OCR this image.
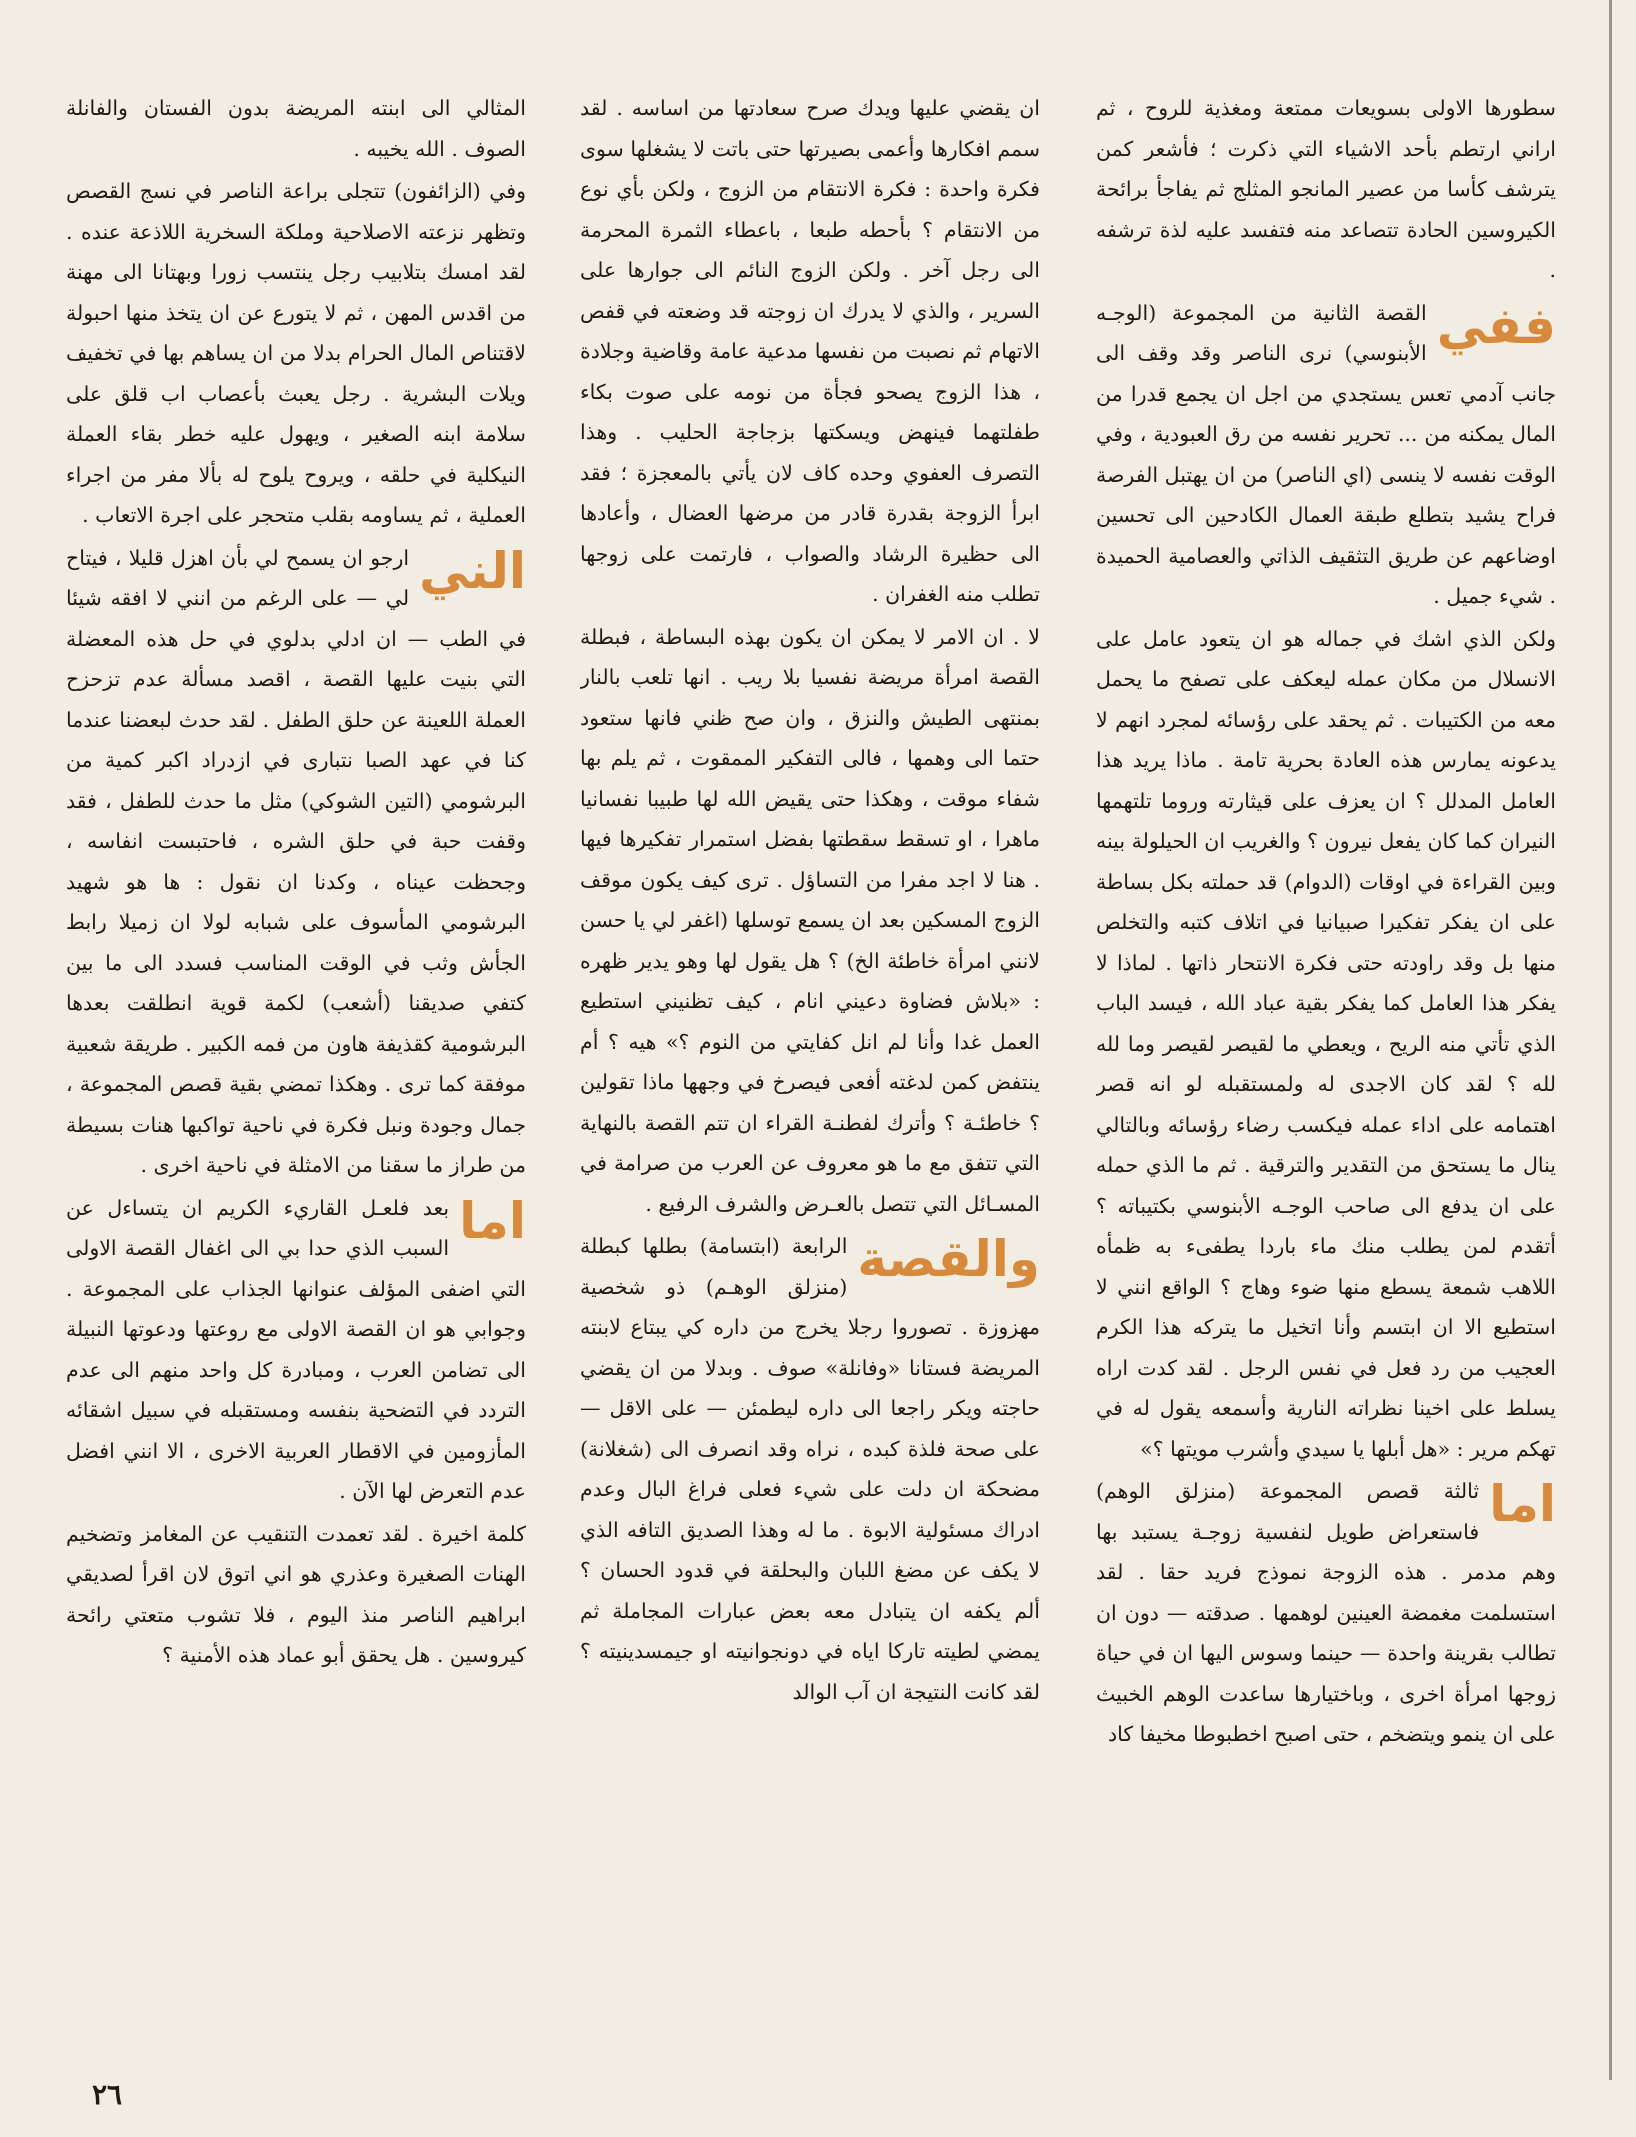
سطورها الاولى بسويعات ممتعة ومغذية للروح ، ثم اراني ارتطم بأحد الاشياء التي ذكرت ؛ فأشعر كمن يترشف كأسا من عصير المانجو المثلج ثم يفاجأ برائحة الكيروسين الحادة تتصاعد منه فتفسد عليه لذة ترشفه .

ففي
القصة الثانية من المجموعة (الوجـه الأبنوسي) نرى الناصر وقد وقف الى جانب آدمي تعس يستجدي من اجل ان يجمع قدرا من المال يمكنه من ... تحرير نفسه من رق العبودية ، وفي الوقت نفسه لا ينسى (اي الناصر) من ان يهتبل الفرصة فراح يشيد بتطلع طبقة العمال الكادحين الى تحسين اوضاعهم عن طريق التثقيف الذاتي والعصامية الحميدة . شيء جميل .

ولكن الذي اشك في جماله هو ان يتعود عامل على الانسلال من مكان عمله ليعكف على تصفح ما يحمل معه من الكتيبات . ثم يحقد على رؤسائه لمجرد انهم لا يدعونه يمارس هذه العادة بحرية تامة . ماذا يريد هذا العامل المدلل ؟ ان يعزف على قيثارته وروما تلتهمها النيران كما كان يفعل نيرون ؟ والغريب ان الحيلولة بينه وبين القراءة في اوقات (الدوام) قد حملته بكل بساطة على ان يفكر تفكيرا صبيانيا في اتلاف كتبه والتخلص منها بل وقد راودته حتى فكرة الانتحار ذاتها . لماذا لا يفكر هذا العامل كما يفكر بقية عباد الله ، فيسد الباب الذي تأتي منه الريح ، ويعطي ما لقيصر لقيصر وما لله لله ؟ لقد كان الاجدى له ولمستقبله لو انه قصر اهتمامه على اداء عمله فيكسب رضاء رؤسائه وبالتالي ينال ما يستحق من التقدير والترقية . ثم ما الذي حمله على ان يدفع الى صاحب الوجـه الأبنوسي بكتيباته ؟ أتقدم لمن يطلب منك ماء باردا يطفىء به ظمأه اللاهب شمعة يسطع منها ضوء وهاج ؟ الواقع انني لا استطيع الا ان ابتسم وأنا اتخيل ما يتركه هذا الكرم العجيب من رد فعل في نفس الرجل . لقد كدت اراه يسلط على اخينا نظراته النارية وأسمعه يقول له في تهكم مرير : «هل أبلها يا سيدي وأشرب مويتها ؟»

اما
ثالثة قصص المجموعة (منزلق الوهم) فاستعراض طويل لنفسية زوجـة يستبد بها وهم مدمر . هذه الزوجة نموذج فريد حقا . لقد استسلمت مغمضة العينين لوهمها . صدقته — دون ان تطالب بقرينة واحدة — حينما وسوس اليها ان في حياة زوجها امرأة اخرى ، وباختيارها ساعدت الوهم الخبيث على ان ينمو ويتضخم ، حتى اصبح اخطبوطا مخيفا كاد

ان يقضي عليها ويدك صرح سعادتها من اساسه . لقد سمم افكارها وأعمى بصيرتها حتى باتت لا يشغلها سوى فكرة واحدة : فكرة الانتقام من الزوج ، ولكن بأي نوع من الانتقام ؟ بأحطه طبعا ، باعطاء الثمرة المحرمة الى رجل آخر . ولكن الزوج النائم الى جوارها على السرير ، والذي لا يدرك ان زوجته قد وضعته في قفص الاتهام ثم نصبت من نفسها مدعية عامة وقاضية وجلادة ، هذا الزوج يصحو فجأة من نومه على صوت بكاء طفلتهما فينهض ويسكتها بزجاجة الحليب . وهذا التصرف العفوي وحده كاف لان يأتي بالمعجزة ؛ فقد ابرأ الزوجة بقدرة قادر من مرضها العضال ، وأعادها الى حظيرة الرشاد والصواب ، فارتمت على زوجها تطلب منه الغفران .

لا . ان الامر لا يمكن ان يكون بهذه البساطة ، فبطلة القصة امرأة مريضة نفسيا بلا ريب . انها تلعب بالنار بمنتهى الطيش والنزق ، وان صح ظني فانها ستعود حتما الى وهمها ، فالى التفكير الممقوت ، ثم يلم بها شفاء موقت ، وهكذا حتى يقيض الله لها طبيبا نفسانيا ماهرا ، او تسقط سقطتها بفضل استمرار تفكيرها فيها . هنا لا اجد مفرا من التساؤل . ترى كيف يكون موقف الزوج المسكين بعد ان يسمع توسلها (اغفر لي يا حسن لانني امرأة خاطئة الخ) ؟ هل يقول لها وهو يدير ظهره : «بلاش فضاوة دعيني انام ، كيف تظنيني استطيع العمل غدا وأنا لم انل كفايتي من النوم ؟» هيه ؟ أم ينتفض كمن لدغته أفعى فيصرخ في وجهها ماذا تقولين ؟ خاطئـة ؟ وأترك لفطنـة القراء ان تتم القصة بالنهاية التي تتفق مع ما هو معروف عن العرب من صرامة في المسـائل التي تتصل بالعـرض والشرف الرفيع .

والقصة
الرابعة (ابتسامة) بطلها كبطلة (منزلق الوهـم) ذو شخصية مهزوزة . تصوروا رجلا يخرج من داره كي يبتاع لابنته المريضة فستانا «وفانلة» صوف . وبدلا من ان يقضي حاجته ويكر راجعا الى داره ليطمئن — على الاقل — على صحة فلذة كبده ، نراه وقد انصرف الى (شغلانة) مضحكة ان دلت على شيء فعلى فراغ البال وعدم ادراك مسئولية الابوة . ما له وهذا الصديق التافه الذي لا يكف عن مضغ اللبان والبحلقة في قدود الحسان ؟ ألم يكفه ان يتبادل معه بعض عبارات المجاملة ثم يمضي لطيته تاركا اياه في دونجوانيته او جيمسدينيته ؟ لقد كانت النتيجة ان آب الوالد

المثالي الى ابنته المريضة بدون الفستان والفانلة الصوف . الله يخيبه .

وفي (الزائفون) تتجلى براعة الناصر في نسج القصص وتظهر نزعته الاصلاحية وملكة السخرية اللاذعة عنده . لقد امسك بتلابيب رجل ينتسب زورا وبهتانا الى مهنة من اقدس المهن ، ثم لا يتورع عن ان يتخذ منها احبولة لاقتناص المال الحرام بدلا من ان يساهم بها في تخفيف ويلات البشرية . رجل يعبث بأعصاب اب قلق على سلامة ابنه الصغير ، ويهول عليه خطر بقاء العملة النيكلية في حلقه ، ويروح يلوح له بألا مفر من اجراء العملية ، ثم يساومه بقلب متحجر على اجرة الاتعاب .

الني
ارجو ان يسمح لي بأن اهزل قليلا ، فيتاح لي — على الرغم من انني لا افقه شيئا في الطب — ان ادلي بدلوي في حل هذه المعضلة التي بنيت عليها القصة ، اقصد مسألة عدم تزحزح العملة اللعينة عن حلق الطفل . لقد حدث لبعضنا عندما كنا في عهد الصبا نتبارى في ازدراد اكبر كمية من البرشومي (التين الشوكي) مثل ما حدث للطفل ، فقد وقفت حبة في حلق الشره ، فاحتبست انفاسه ، وجحظت عيناه ، وكدنا ان نقول : ها هو شهيد البرشومي المأسوف على شبابه لولا ان زميلا رابط الجأش وثب في الوقت المناسب فسدد الى ما بين كتفي صديقنا (أشعب) لكمة قوية انطلقت بعدها البرشومية كقذيفة هاون من فمه الكبير . طريقة شعبية موفقة كما ترى . وهكذا تمضي بقية قصص المجموعة ، جمال وجودة ونبل فكرة في ناحية تواكبها هنات بسيطة من طراز ما سقنا من الامثلة في ناحية اخرى .

اما
بعد فلعـل القاريء الكريم ان يتساءل عن السبب الذي حدا بي الى اغفال القصة الاولى التي اضفى المؤلف عنوانها الجذاب على المجموعة . وجوابي هو ان القصة الاولى مع روعتها ودعوتها النبيلة الى تضامن العرب ، ومبادرة كل واحد منهم الى عدم التردد في التضحية بنفسه ومستقبله في سبيل اشقائه المأزومين في الاقطار العربية الاخرى ، الا انني افضل عدم التعرض لها الآن .

كلمة اخيرة . لقد تعمدت التنقيب عن المغامز وتضخيم الهنات الصغيرة وعذري هو اني اتوق لان اقرأ لصديقي ابراهيم الناصر منذ اليوم ، فلا تشوب متعتي رائحة كيروسين . هل يحقق أبو عماد هذه الأمنية ؟

٢٦
